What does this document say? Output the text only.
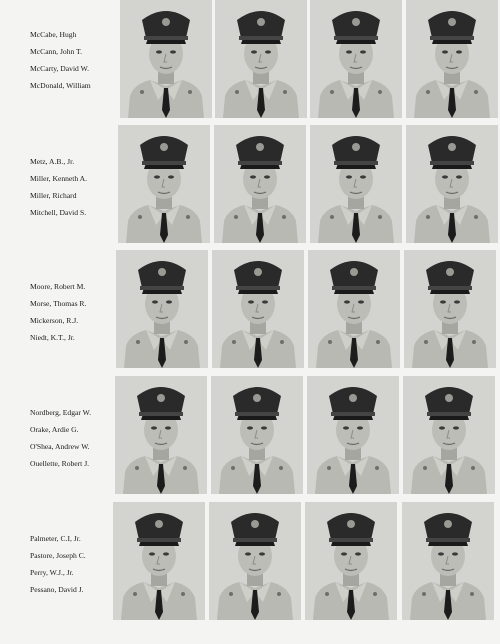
McCabe, Hugh
McCann, John T.
McCarty, David W.
McDonald, William
Metz, A.B., Jr.
Miller, Kenneth A.
Miller, Richard
Mitchell, David S.
Moore, Robert M.
Morse, Thomas R.
Mickerson, R.J.
Niedt, K.T., Jr.
Nordberg, Edgar W.
Orake, Ardie G.
O'Shea, Andrew W.
Ouellette, Robert J.
Palmeter, C.I, Jr.
Pastore, Joseph C.
Perry, W.J., Jr.
Pessano, David J.
